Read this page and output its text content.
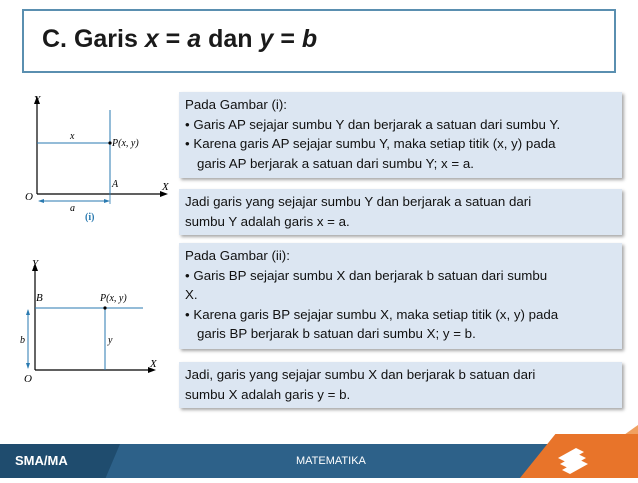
C. Garis x = a dan y = b
Y
X
O
x
P(x, y)
A
a
(i)
Y
X
O
B	P(x, y)
b	y
Pada Gambar (i):
• Garis AP sejajar sumbu Y dan berjarak a satuan dari sumbu Y.
• Karena garis AP sejajar sumbu Y, maka setiap titik (x, y) pada
garis AP berjarak a satuan dari sumbu Y; x = a.
Jadi garis yang sejajar sumbu Y dan berjarak a satuan dari
sumbu Y adalah garis x = a.
Pada Gambar (ii):
• Garis BP sejajar sumbu X dan berjarak b satuan dari sumbu
X.
• Karena garis BP sejajar sumbu X, maka setiap titik (x, y) pada
garis BP berjarak b satuan dari sumbu X; y = b.
Jadi, garis yang sejajar sumbu X dan berjarak b satuan dari
sumbu X adalah garis y = b.
SMA/MA	MATEMATIKA
